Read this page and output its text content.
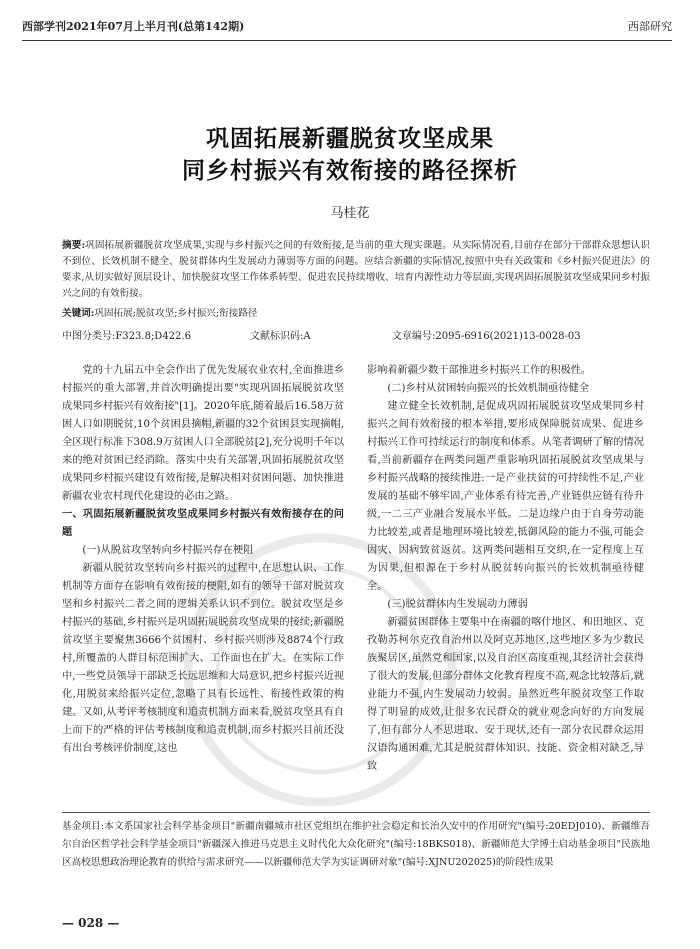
西部学刊2021年07月上半月刊(总第142期)	西部研究
巩固拓展新疆脱贫攻坚成果
同乡村振兴有效衔接的路径探析
马桂花
摘要:巩固拓展新疆脱贫攻坚成果,实现与乡村振兴之间的有效衔接,是当前的重大现实课题。从实际情况看,目前存在部分干部群众思想认识不到位、长效机制不健全、脱贫群体内生发展动力薄弱等方面的问题。应结合新疆的实际情况,按照中央有关政策和《乡村振兴促进法》的要求,从切实做好顶层设计、加快脱贫攻坚工作体系转型、促进农民持续增收、培育内源性动力等层面,实现巩固拓展脱贫攻坚成果同乡村振兴之间的有效衔接。
关键词:巩固拓展;脱贫攻坚;乡村振兴;衔接路径
中图分类号:F323.8;D422.6	文献标识码:A	文章编号:2095-6916(2021)13-0028-03

党的十九届五中全会作出了优先发展农业农村,全面推进乡村振兴的重大部署,并首次明确提出要"实现巩固拓展脱贫攻坚成果同乡村振兴有效衔接"[1]。2020年底,随着最后16.58万贫困人口如期脱贫,10个贫困县摘帽,新疆的32个贫困县实现摘帽,全区现行标准下308.9万贫困人口全部脱贫[2],充分说明千年以来的绝对贫困已经消除。落实中央有关部署,巩固拓展脱贫攻坚成果同乡村振兴建设有效衔接,是解决相对贫困问题、加快推进新疆农业农村现代化建设的必由之路。

一、巩固拓展新疆脱贫攻坚成果同乡村振兴有效衔接存在的问题

(一)从脱贫攻坚转向乡村振兴存在梗阻

新疆从脱贫攻坚转向乡村振兴的过程中,在思想认识、工作机制等方面存在影响有效衔接的梗阻,如有的领导干部对脱贫攻坚和乡村振兴二者之间的逻辑关系认识不到位。脱贫攻坚是乡村振兴的基础,乡村振兴是巩固拓展脱贫攻坚成果的接续;新疆脱贫攻坚主要聚焦3666个贫困村、乡村振兴则涉及8874个行政村,所覆盖的人群目标范围扩大、工作面也在扩大。在实际工作中,一些党员领导干部缺乏长远思维和大局意识,把乡村振兴近视化,用脱贫来给振兴定位,忽略了具有长远性、衔接性政策的构建。又如,从考评考核制度和追责机制方面来看,脱贫攻坚具有自上而下的严格的评估考核制度和追责机制,而乡村振兴目前还没有出台考核评价制度,这也

影响着新疆少数干部推进乡村振兴工作的积极性。

(二)乡村从贫困转向振兴的长效机制亟待健全

建立健全长效机制,是促成巩固拓展脱贫攻坚成果同乡村振兴之间有效衔接的根本举措,要形成保障脱贫成果、促进乡村振兴工作可持续运行的制度和体系。从笔者调研了解的情况看,当前新疆存在两类问题严重影响巩固拓展脱贫攻坚成果与乡村振兴战略的接续推进:一是产业扶贫的可持续性不足,产业发展的基础不够牢固,产业体系有待完善,产业链供应链有待升级,一二三产业融合发展水平低。二是边缘户由于自身劳动能力比较差,或者是地理环境比较差,抵御风险的能力不强,可能会因灾、因病致贫返贫。这两类问题相互交织,在一定程度上互为因果,但根源在于乡村从脱贫转向振兴的长效机制亟待健全。

(三)脱贫群体内生发展动力薄弱

新疆贫困群体主要集中在南疆的喀什地区、和田地区、克孜勒苏柯尔克孜自治州以及阿克苏地区,这些地区多为少数民族聚居区,虽然党和国家,以及自治区高度重视,其经济社会获得了很大的发展,但部分群体文化教育程度不高,观念比较落后,就业能力不强,内生发展动力较弱。虽然近些年脱贫攻坚工作取得了明显的成效,让很多农民群众的就业观念向好的方向发展了,但有部分人不思进取、安于现状,还有一部分农民群众运用汉语沟通困难,尤其是脱贫群体知识、技能、资金相对缺乏,导致

基金项目:本文系国家社会科学基金项目"新疆南疆城市社区党组织在维护社会稳定和长治久安中的作用研究"(编号:20EDJ010)、新疆维吾尔自治区哲学社会科学基金项目"新疆深入推进马克思主义时代化大众化研究"(编号:18BKS018)、新疆师范大学博士启动基金项目"民族地区高校思想政治理论教育的供给与需求研究——以新疆师范大学为实证调研对象"(编号:XJNU202025)的阶段性成果
— 028 —
